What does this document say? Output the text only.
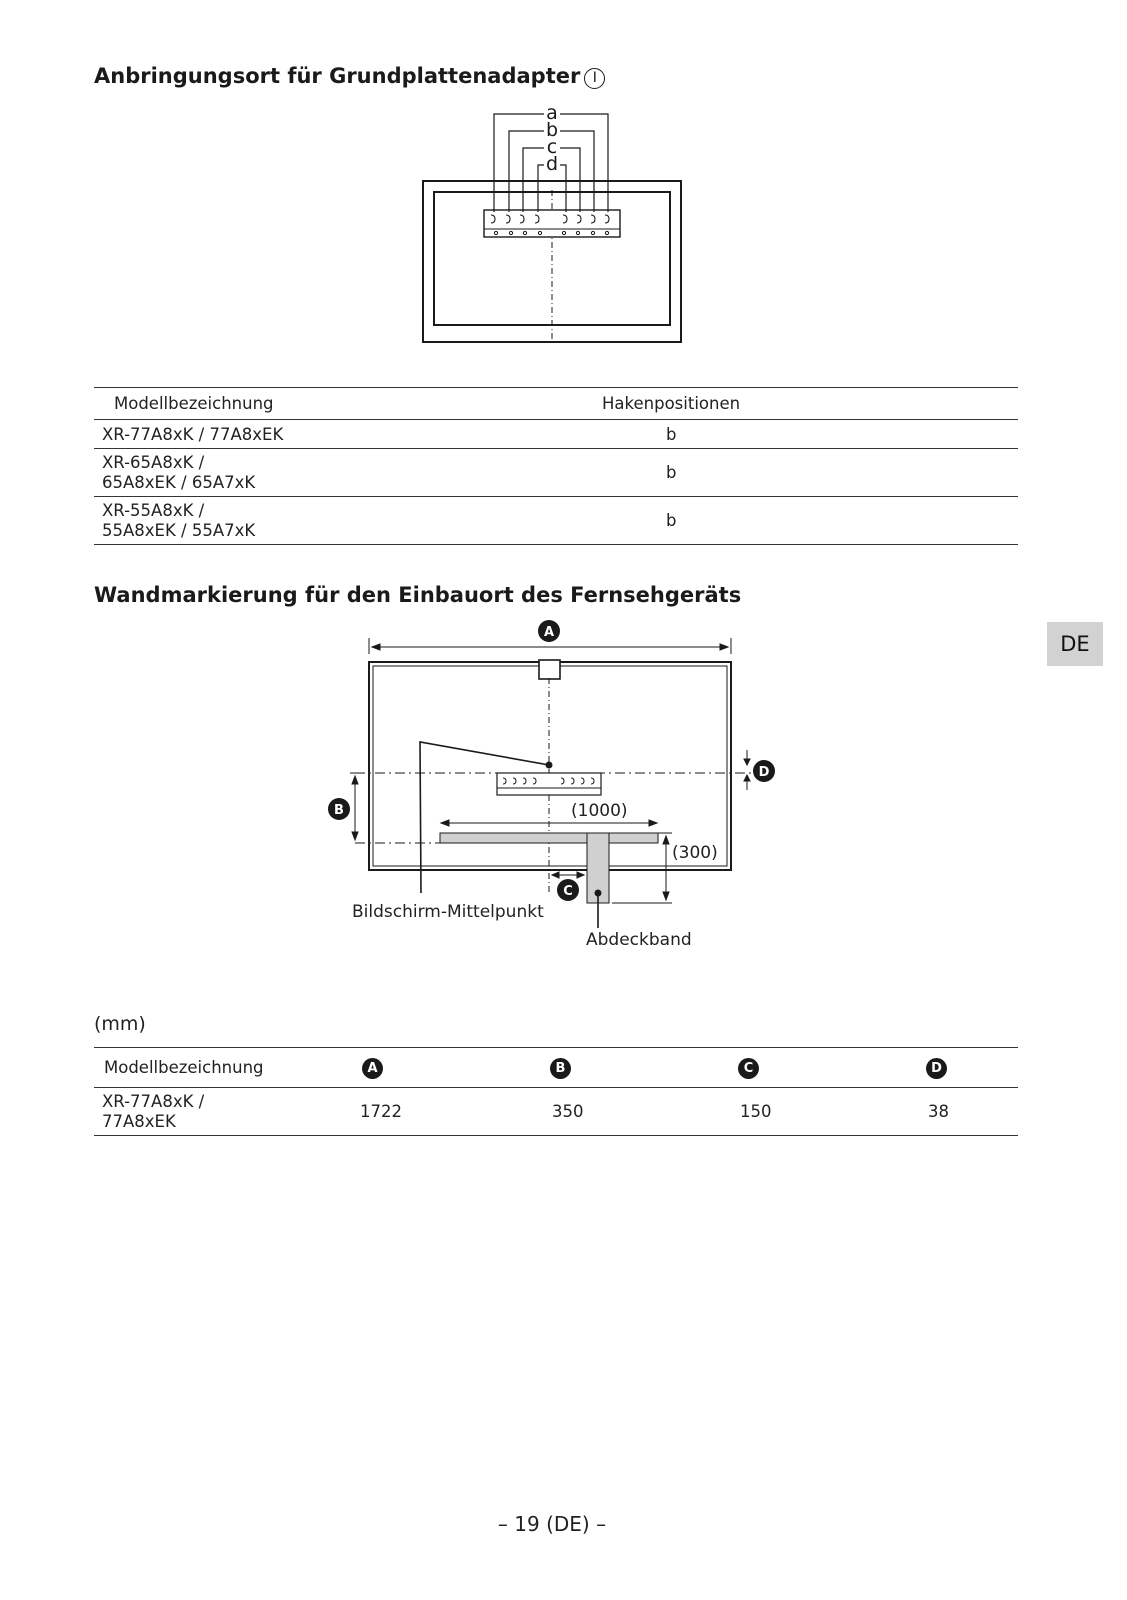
Anbringungsort für Grundplattenadapter I
a
b
c
d
Modellbezeichnung	Hakenpositionen
XR-77A8xK / 77A8xEK	b
XR-65A8xK /
65A8xEK / 65A7xK	b
XR-55A8xK /
55A8xEK / 55A7xK	b
Wandmarkierung für den Einbauort des Fernsehgeräts
DE
A
B
C
D
(1000)
(300)
Bildschirm-Mittelpunkt
Abdeckband
(mm)
Modellbezeichnung	A	B	C	D
XR-77A8xK /
77A8xEK	1722	350	150	38
– 19 (DE) –
